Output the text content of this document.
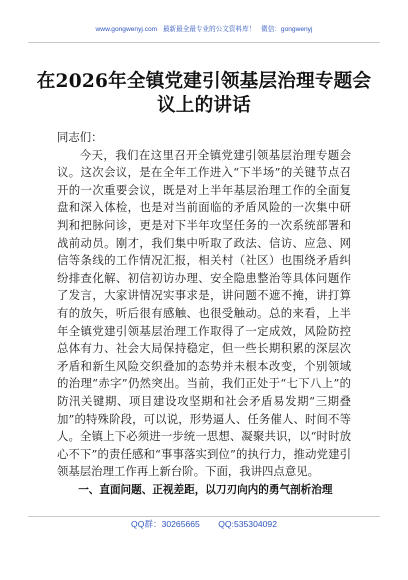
www.gongwenyj.com 最新最全最专业的公文资料库！ 微信：gongwenyj
在2026年全镇党建引领基层治理专题会议上的讲话
同志们：

今天，我们在这里召开全镇党建引领基层治理专题会议。这次会议，是在全年工作进入“下半场”的关键节点召开的一次重要会议，既是对上半年基层治理工作的全面复盘和深入体检，也是对当前面临的矛盾风险的一次集中研判和把脉问诊，更是对下半年攻坚任务的一次系统部署和战前动员。刚才，我们集中听取了政法、信访、应急、网信等条线的工作情况汇报，相关村（社区）也围绕矛盾纠纷排查化解、初信初访办理、安全隐患整治等具体问题作了发言，大家讲情况实事求是，讲问题不遮不掩，讲打算有的放矢，听后很有感触、也很受触动。总的来看，上半年全镇党建引领基层治理工作取得了一定成效，风险防控总体有力、社会大局保持稳定，但一些长期积累的深层次矛盾和新生风险交织叠加的态势并未根本改变，个别领域的治理“赤字”仍然突出。当前，我们正处于“七下八上”的防汛关键期、项目建设攻坚期和社会矛盾易发期“三期叠加”的特殊阶段，可以说，形势逼人、任务催人、时间不等人。全镇上下必须进一步统一思想、凝聚共识，以“时时放心不下”的责任感和“事事落实到位”的执行力，推动党建引领基层治理工作再上新台阶。下面，我讲四点意见。

一、直面问题、正视差距，以刀刃向内的勇气剖析治理
QQ群：30265665 QQ:535304092
